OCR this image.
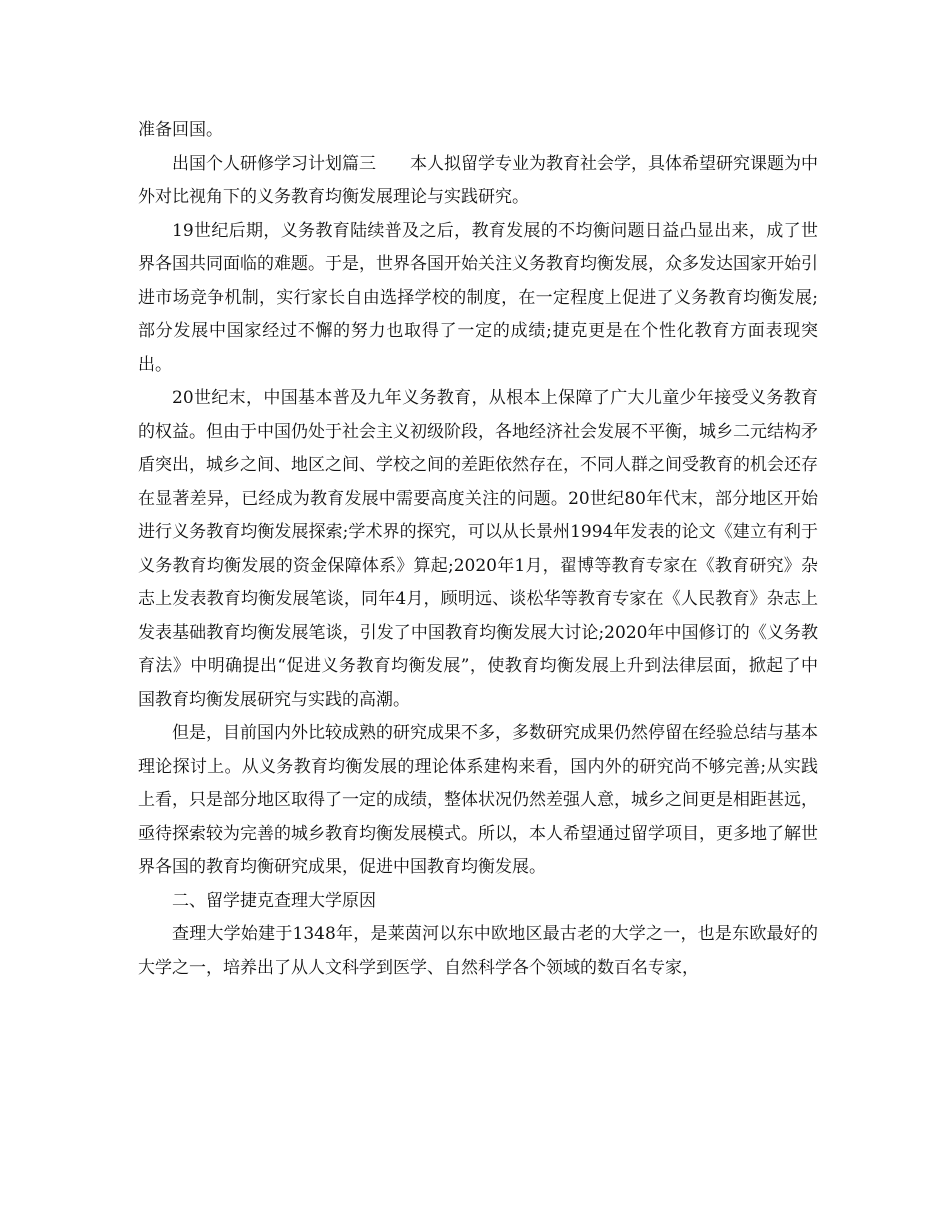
准备回国。

出国个人研修学习计划篇三　　本人拟留学专业为教育社会学，具体希望研究课题为中外对比视角下的义务教育均衡发展理论与实践研究。

19世纪后期，义务教育陆续普及之后，教育发展的不均衡问题日益凸显出来，成了世界各国共同面临的难题。于是，世界各国开始关注义务教育均衡发展，众多发达国家开始引进市场竞争机制，实行家长自由选择学校的制度，在一定程度上促进了义务教育均衡发展;部分发展中国家经过不懈的努力也取得了一定的成绩;捷克更是在个性化教育方面表现突出。

20世纪末，中国基本普及九年义务教育，从根本上保障了广大儿童少年接受义务教育的权益。但由于中国仍处于社会主义初级阶段，各地经济社会发展不平衡，城乡二元结构矛盾突出，城乡之间、地区之间、学校之间的差距依然存在，不同人群之间受教育的机会还存在显著差异，已经成为教育发展中需要高度关注的问题。20世纪80年代末，部分地区开始进行义务教育均衡发展探索;学术界的探究，可以从长景州1994年发表的论文《建立有利于义务教育均衡发展的资金保障体系》算起;2020年1月，翟博等教育专家在《教育研究》杂志上发表教育均衡发展笔谈，同年4月，顾明远、谈松华等教育专家在《人民教育》杂志上发表基础教育均衡发展笔谈，引发了中国教育均衡发展大讨论;2020年中国修订的《义务教育法》中明确提出“促进义务教育均衡发展”，使教育均衡发展上升到法律层面，掀起了中国教育均衡发展研究与实践的高潮。

但是，目前国内外比较成熟的研究成果不多，多数研究成果仍然停留在经验总结与基本理论探讨上。从义务教育均衡发展的理论体系建构来看，国内外的研究尚不够完善;从实践上看，只是部分地区取得了一定的成绩，整体状况仍然差强人意，城乡之间更是相距甚远，亟待探索较为完善的城乡教育均衡发展模式。所以，本人希望通过留学项目，更多地了解世界各国的教育均衡研究成果，促进中国教育均衡发展。

二、留学捷克查理大学原因

查理大学始建于1348年，是莱茵河以东中欧地区最古老的大学之一，也是东欧最好的大学之一，培养出了从人文科学到医学、自然科学各个领域的数百名专家，
